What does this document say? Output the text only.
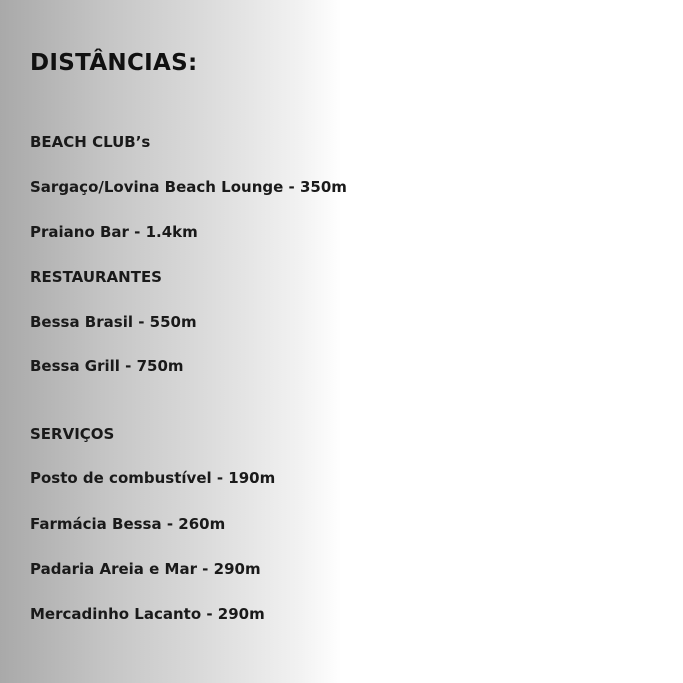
DISTÂNCIAS:

BEACH CLUB’s

Sargaço/Lovina Beach Lounge - 350m

Praiano Bar - 1.4km

RESTAURANTES

Bessa Brasil - 550m

Bessa Grill - 750m

SERVIÇOS

Posto de combustível - 190m

Farmácia Bessa - 260m

Padaria Areia e Mar - 290m

Mercadinho Lacanto - 290m
